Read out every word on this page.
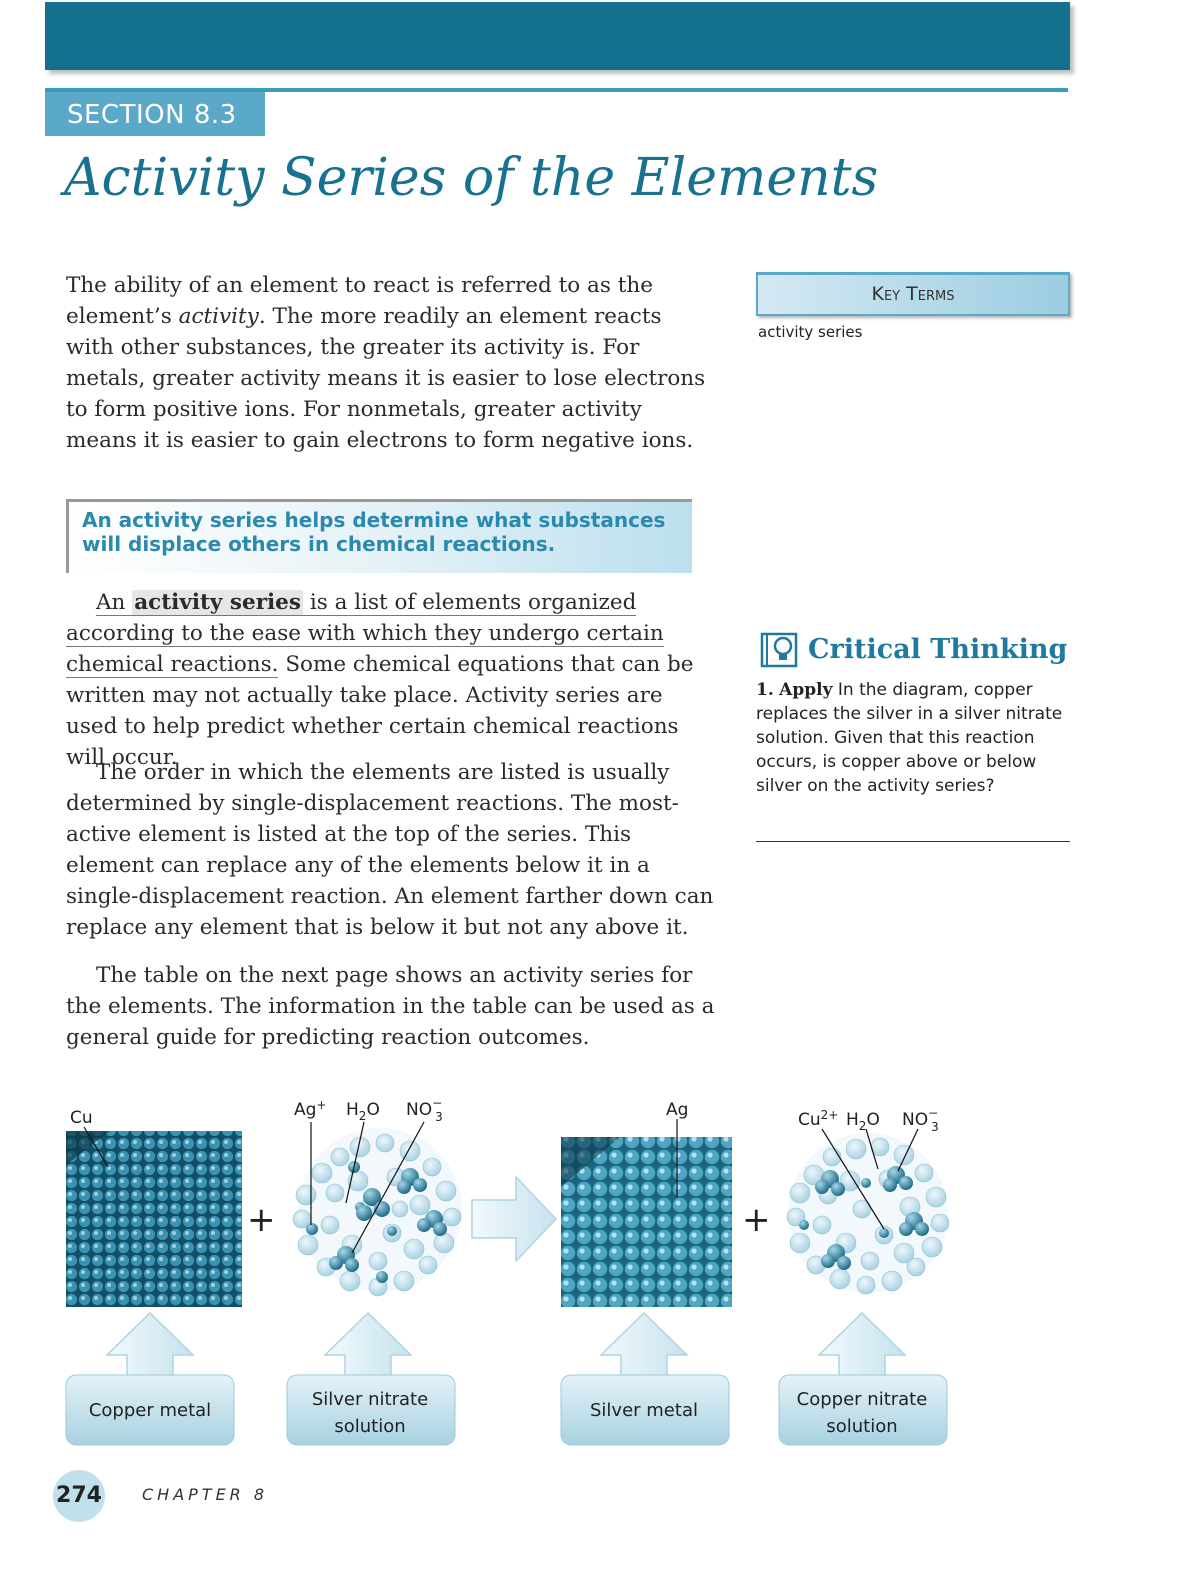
SECTION 8.3
Activity Series of the Elements

The ability of an element to react is referred to as the element’s activity. The more readily an element reacts with other substances, the greater its activity is. For metals, greater activity means it is easier to lose electrons to form positive ions. For nonmetals, greater activity means it is easier to gain electrons to form negative ions.

Key Terms
activity series

An activity series helps determine what substances will displace others in chemical reactions.

An activity series is a list of elements organized according to the ease with which they undergo certain chemical reactions. Some chemical equations that can be written may not actually take place. Activity series are used to help predict whether certain chemical reactions will occur.

The order in which the elements are listed is usually determined by single-displacement reactions. The most-active element is listed at the top of the series. This element can replace any of the elements below it in a single-displacement reaction. An element farther down can replace any element that is below it but not any above it.

The table on the next page shows an activity series for the elements. The information in the table can be used as a general guide for predicting reaction outcomes.

Critical Thinking

1. Apply In the diagram, copper replaces the silver in a silver nitrate solution. Given that this reaction occurs, is copper above or below silver on the activity series?

Cu
+
Ag+ $H_2O$ NO− 3	Ag
+
$Cu^{2+}$ $H_2O$ NO− 3
Copper metal
Silver nitrate
solution
Silver metal
Copper nitrate
solution
274	CHAPTER 8
